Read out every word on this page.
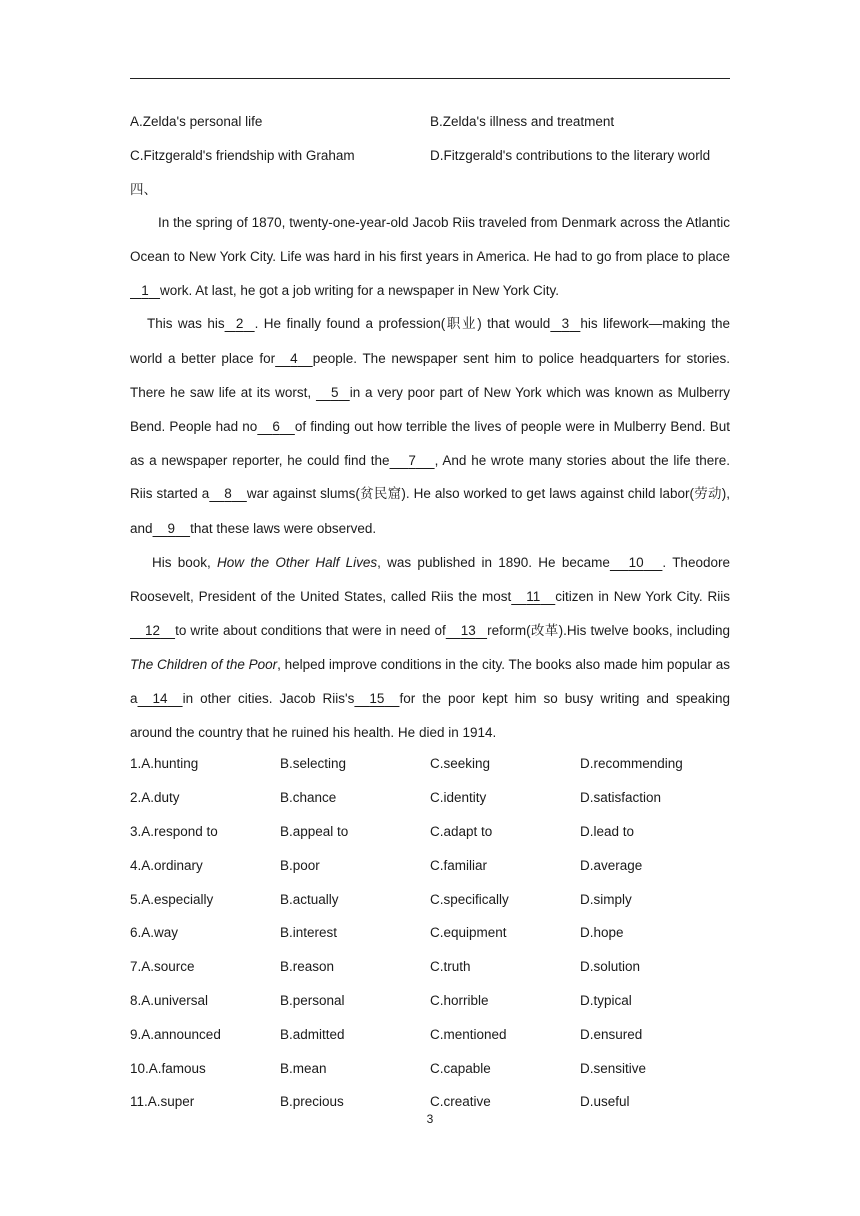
A.Zelda's personal life	B.Zelda's illness and treatment
C.Fitzgerald's friendship with Graham	D.Fitzgerald's contributions to the literary world
四、

In the spring of 1870, twenty-one-year-old Jacob Riis traveled from Denmark across the Atlantic Ocean to New York City. Life was hard in his first years in America. He had to go from place to place   1 work. At last, he got a job writing for a newspaper in New York City.

This was his 2 . He finally found a profession(职业) that would 3 his lifework—making the world a better place for 4 people. The newspaper sent him to police headquarters for stories. There he saw life at its worst,     5 in a very poor part of New York which was known as Mulberry Bend. People had no 6 of finding out how terrible the lives of people were in Mulberry Bend. But as a newspaper reporter, he could find the 7 , And he wrote many stories about the life there. Riis started a 8 war against slums(贫民窟). He also worked to get laws against child labor(劳动), and 9 that these laws were observed.

His book, How the Other Half Lives, was published in 1890. He became 10 . Theodore Roosevelt, President of the United States, called Riis the most 11 citizen in New York City. Riis    12 to write about conditions that were in need of 13 reform(改革).His twelve books, including The Children of the Poor, helped improve conditions in the city. The books also made him popular as a 14 in other cities. Jacob Riis's 15 for the poor kept him so busy writing and speaking around the country that he ruined his health. He died in 1914.

1.A.hunting	B.selecting	C.seeking	D.recommending
2.A.duty	B.chance	C.identity	D.satisfaction
3.A.respond to	B.appeal to	C.adapt to	D.lead to
4.A.ordinary	B.poor	C.familiar	D.average
5.A.especially	B.actually	C.specifically	D.simply
6.A.way	B.interest	C.equipment	D.hope
7.A.source	B.reason	C.truth	D.solution
8.A.universal	B.personal	C.horrible	D.typical
9.A.announced	B.admitted	C.mentioned	D.ensured
10.A.famous	B.mean	C.capable	D.sensitive
11.A.super	B.precious	C.creative	D.useful
3
